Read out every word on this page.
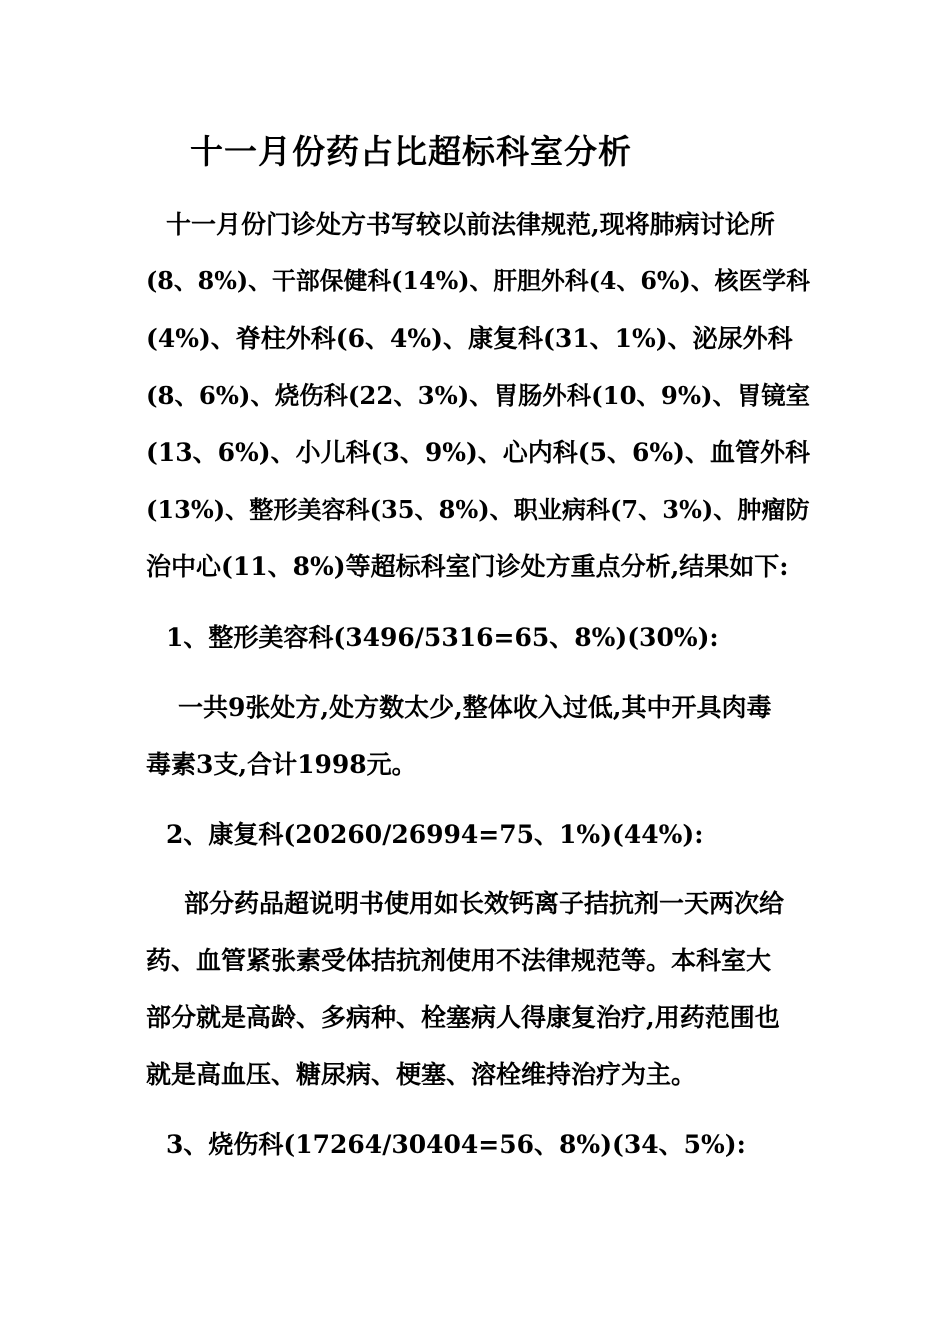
十一月份药占比超标科室分析

十一月份门诊处方书写较以前法律规范,现将肺病讨论所

(8、8%)、干部保健科(14%)、肝胆外科(4、6%)、核医学科

(4%)、脊柱外科(6、4%)、康复科(31、1%)、泌尿外科

(8、6%)、烧伤科(22、3%)、胃肠外科(10、9%)、胃镜室

(13、6%)、小儿科(3、9%)、心内科(5、6%)、血管外科

(13%)、整形美容科(35、8%)、职业病科(7、3%)、肿瘤防

治中心(11、8%)等超标科室门诊处方重点分析,结果如下:

1、整形美容科(3496/5316=65、8%)(30%):

一共9张处方,处方数太少,整体收入过低,其中开具肉毒

毒素3支,合计1998元。

2、康复科(20260/26994=75、1%)(44%):

部分药品超说明书使用如长效钙离子拮抗剂一天两次给

药、血管紧张素受体拮抗剂使用不法律规范等。本科室大

部分就是高龄、多病种、栓塞病人得康复治疗,用药范围也

就是高血压、糖尿病、梗塞、溶栓维持治疗为主。

3、烧伤科(17264/30404=56、8%)(34、5%):
